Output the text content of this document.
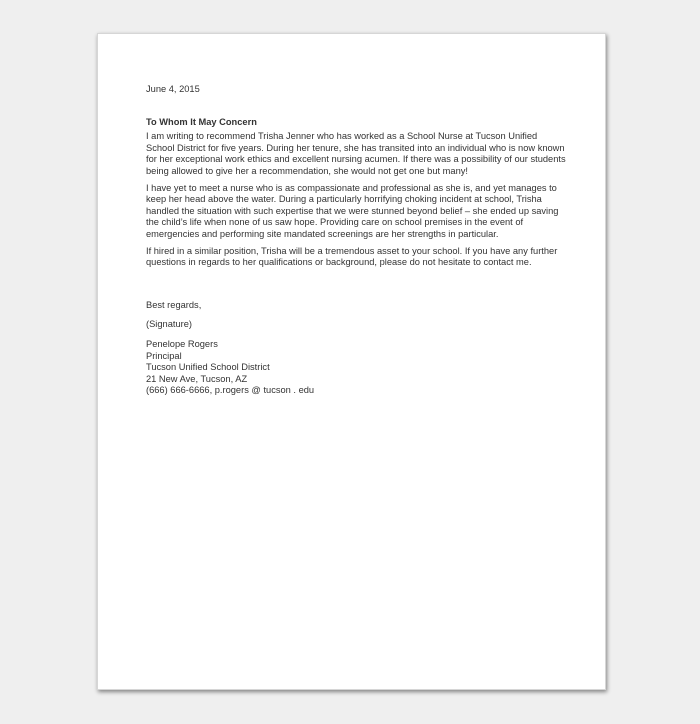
June 4, 2015

To Whom It May Concern

I am writing to recommend Trisha Jenner who has worked as a School Nurse at Tucson Unified School District for five years. During her tenure, she has transited into an individual who is now known for her exceptional work ethics and excellent nursing acumen. If there was a possibility of our students being allowed to give her a recommendation, she would not get one but many!

I have yet to meet a nurse who is as compassionate and professional as she is, and yet manages to keep her head above the water. During a particularly horrifying choking incident at school, Trisha handled the situation with such expertise that we were stunned beyond belief – she ended up saving the child’s life when none of us saw hope. Providing care on school premises in the event of emergencies and performing site mandated screenings are her strengths in particular.

If hired in a similar position, Trisha will be a tremendous asset to your school. If you have any further questions in regards to her qualifications or background, please do not hesitate to contact me.

Best regards,

(Signature)

Penelope Rogers

Principal

Tucson Unified School District

21 New Ave, Tucson, AZ

(666) 666-6666, p.rogers @ tucson . edu
